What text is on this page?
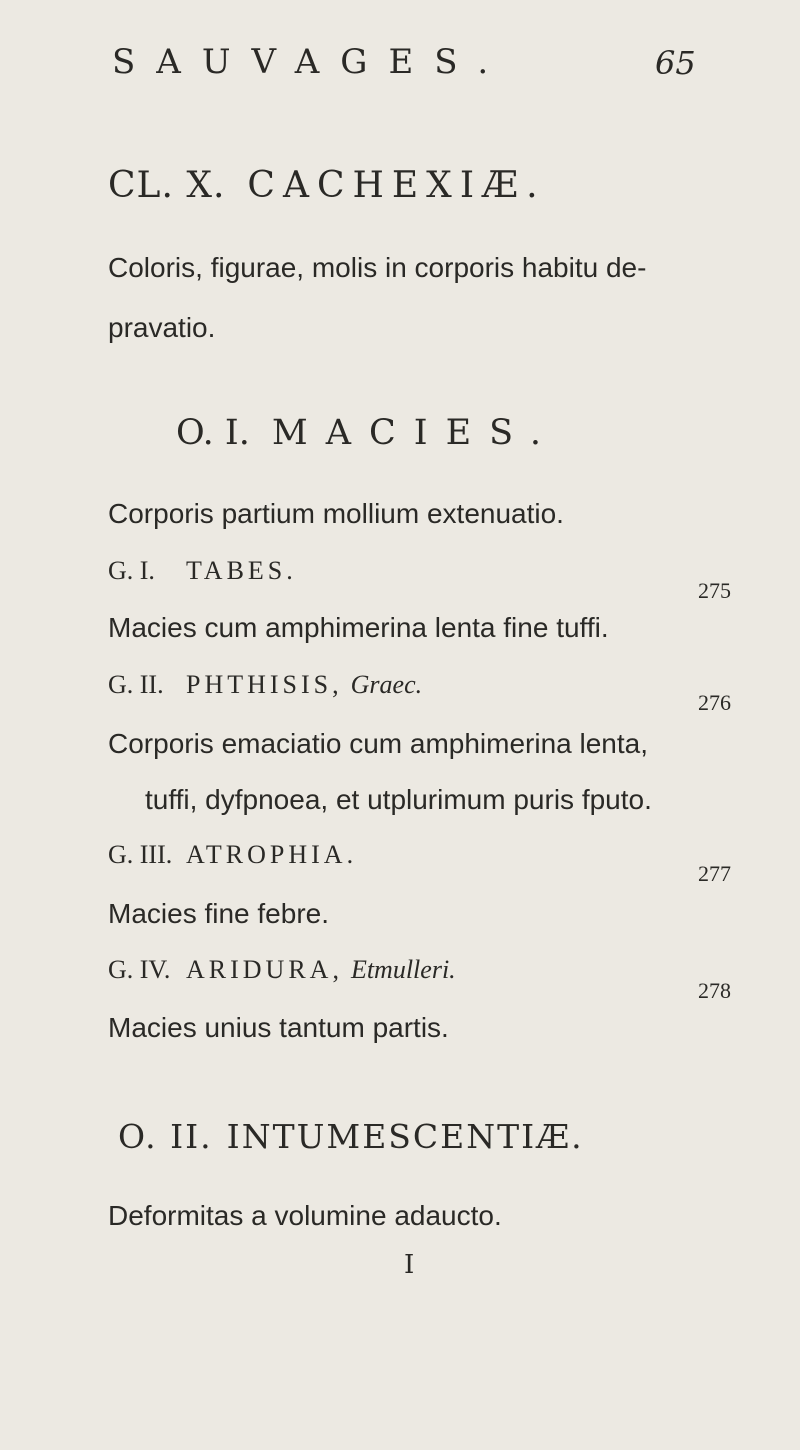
SAUVAGES.	65
CL. X. CACHEXIÆ.
Coloris, figurae, molis in corporis habitu de-
pravatio.
O. I. MACIES.
Corporis partium mollium extenuatio.
G. I. TABES.
Macies cum amphimerina lenta fine tuffi.
275
G. II. PHTHISIS, Graec.
Corporis emaciatio cum amphimerina lenta,
tuffi, dyfpnoea, et utplurimum puris fputo.
276
G. III. ATROPHIA.
Macies fine febre.
277
G. IV. ARIDURA, Etmulleri.
Macies unius tantum partis.
278
O. II. INTUMESCENTIÆ.
Deformitas a volumine adaucto.
I
